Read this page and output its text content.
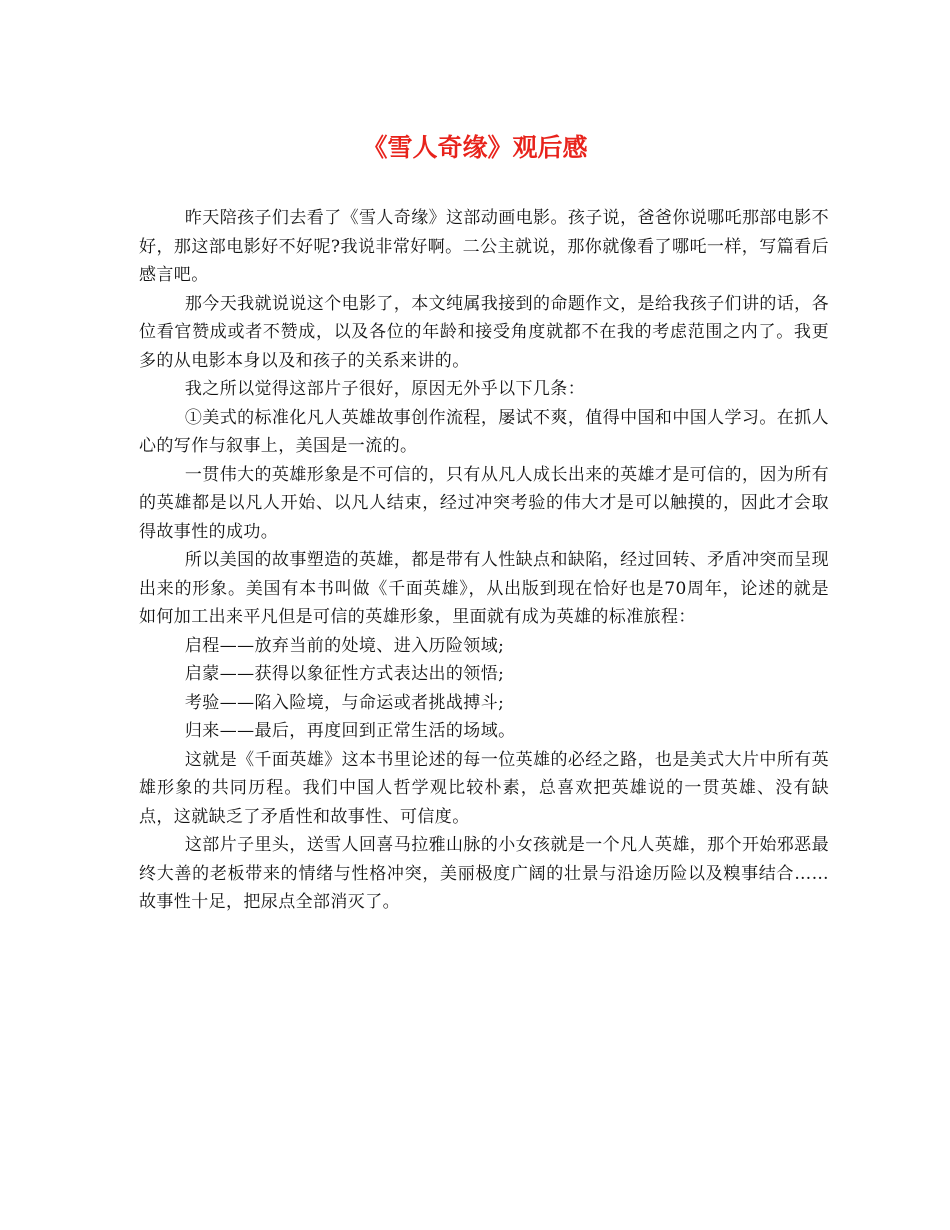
《雪人奇缘》观后感

昨天陪孩子们去看了《雪人奇缘》这部动画电影。孩子说，爸爸你说哪吒那部电影不好，那这部电影好不好呢?我说非常好啊。二公主就说，那你就像看了哪吒一样，写篇看后感言吧。

那今天我就说说这个电影了，本文纯属我接到的命题作文，是给我孩子们讲的话，各位看官赞成或者不赞成，以及各位的年龄和接受角度就都不在我的考虑范围之内了。我更多的从电影本身以及和孩子的关系来讲的。

我之所以觉得这部片子很好，原因无外乎以下几条：

①美式的标准化凡人英雄故事创作流程，屡试不爽，值得中国和中国人学习。在抓人心的写作与叙事上，美国是一流的。

一贯伟大的英雄形象是不可信的，只有从凡人成长出来的英雄才是可信的，因为所有的英雄都是以凡人开始、以凡人结束，经过冲突考验的伟大才是可以触摸的，因此才会取得故事性的成功。

所以美国的故事塑造的英雄，都是带有人性缺点和缺陷，经过回转、矛盾冲突而呈现出来的形象。美国有本书叫做《千面英雄》，从出版到现在恰好也是70周年，论述的就是如何加工出来平凡但是可信的英雄形象，里面就有成为英雄的标准旅程：

启程——放弃当前的处境、进入历险领域;

启蒙——获得以象征性方式表达出的领悟;

考验——陷入险境，与命运或者挑战搏斗;

归来——最后，再度回到正常生活的场域。

这就是《千面英雄》这本书里论述的每一位英雄的必经之路，也是美式大片中所有英雄形象的共同历程。我们中国人哲学观比较朴素，总喜欢把英雄说的一贯英雄、没有缺点，这就缺乏了矛盾性和故事性、可信度。

这部片子里头，送雪人回喜马拉雅山脉的小女孩就是一个凡人英雄，那个开始邪恶最终大善的老板带来的情绪与性格冲突，美丽极度广阔的壮景与沿途历险以及糗事结合……故事性十足，把尿点全部消灭了。
